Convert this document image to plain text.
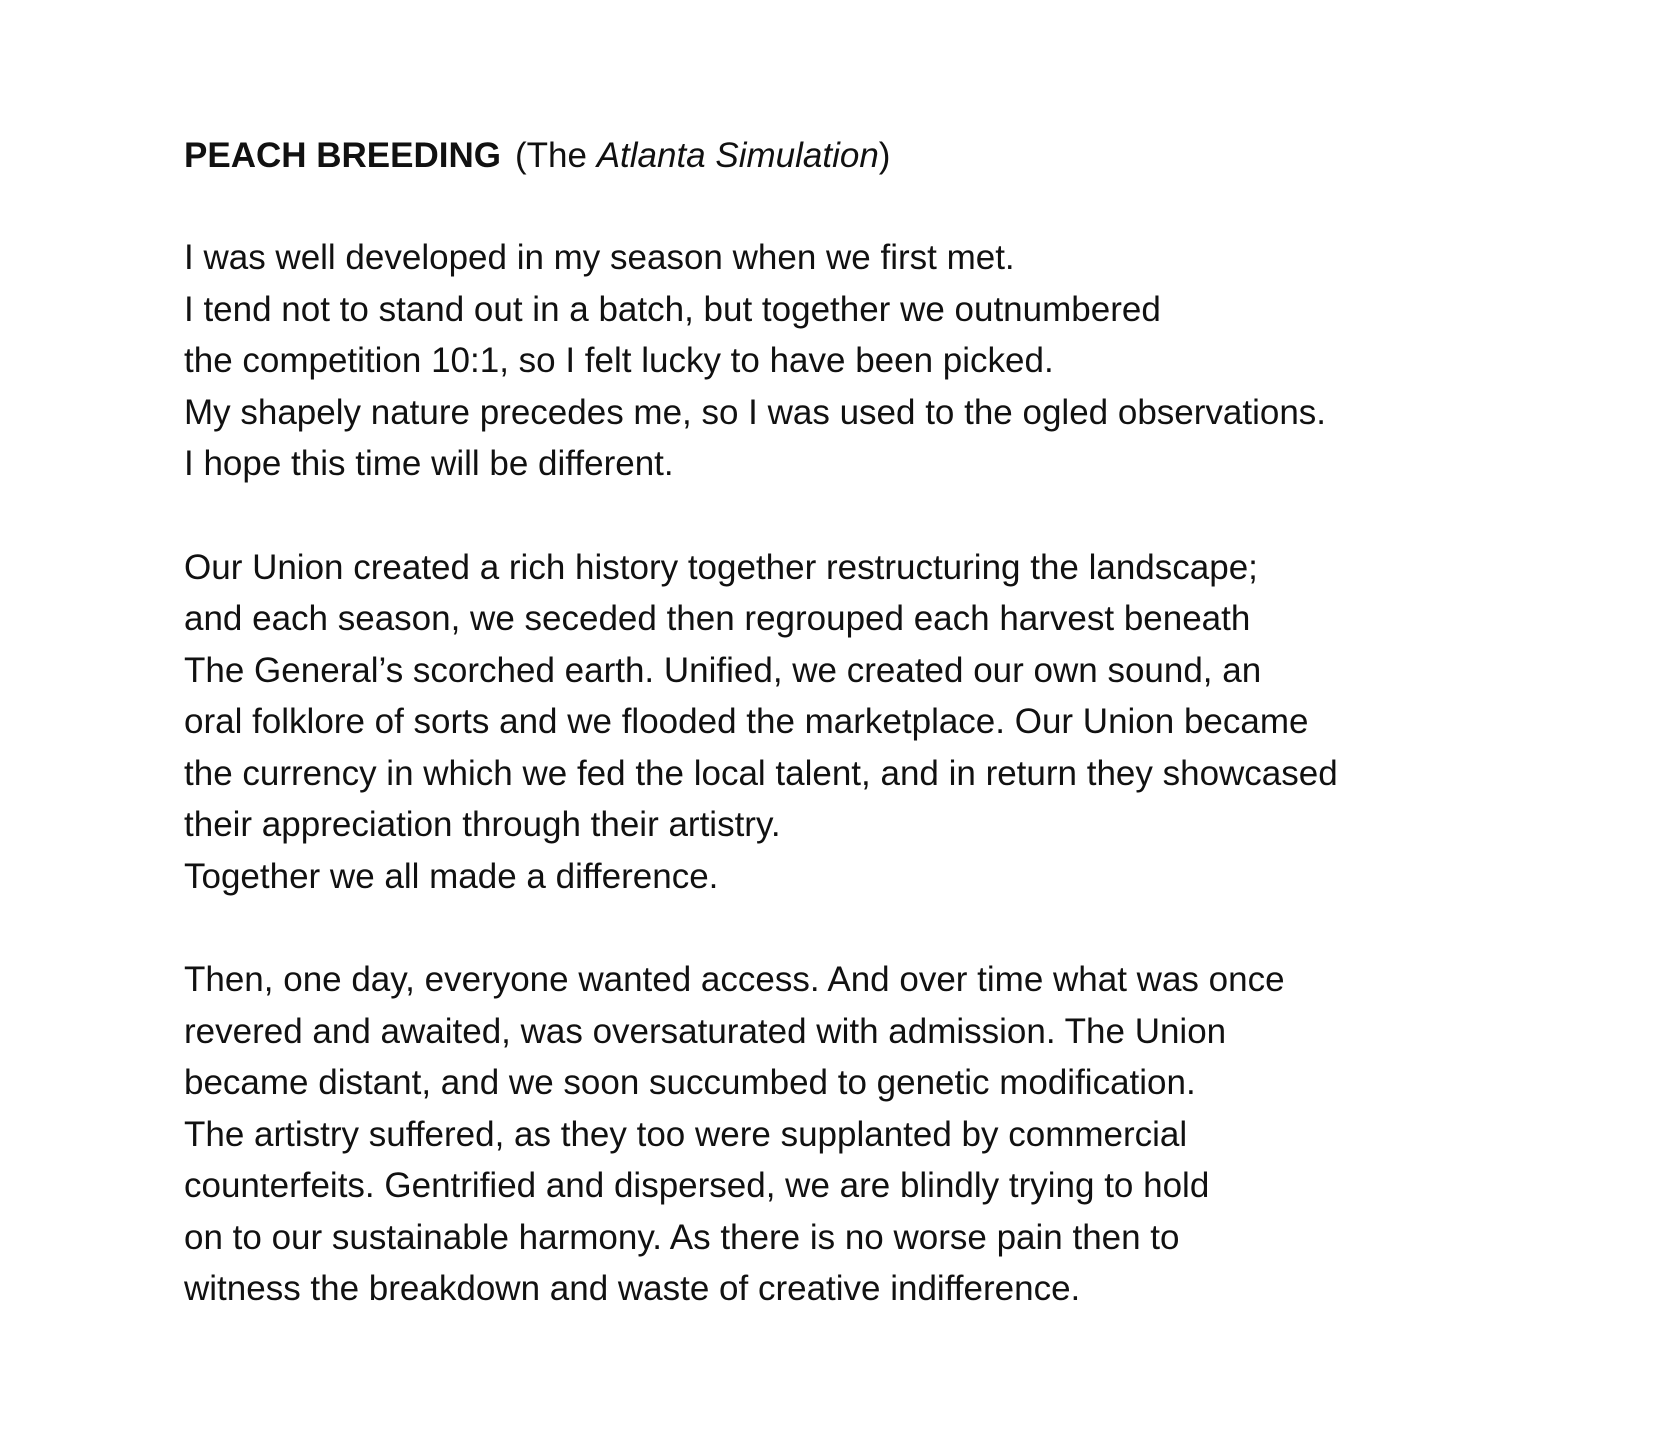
PEACH BREEDING (The Atlanta Simulation)
I was well developed in my season when we first met.
I tend not to stand out in a batch, but together we outnumbered
the competition 10:1, so I felt lucky to have been picked.
My shapely nature precedes me, so I was used to the ogled observations.
I hope this time will be different.
Our Union created a rich history together restructuring the landscape;
and each season, we seceded then regrouped each harvest beneath
The General’s scorched earth. Unified, we created our own sound, an
oral folklore of sorts and we flooded the marketplace. Our Union became
the currency in which we fed the local talent, and in return they showcased
their appreciation through their artistry.
Together we all made a difference.
Then, one day, everyone wanted access. And over time what was once
revered and awaited, was oversaturated with admission. The Union
became distant, and we soon succumbed to genetic modification.
The artistry suffered, as they too were supplanted by commercial
counterfeits. Gentrified and dispersed, we are blindly trying to hold
on to our sustainable harmony. As there is no worse pain then to
witness the breakdown and waste of creative indifference.
